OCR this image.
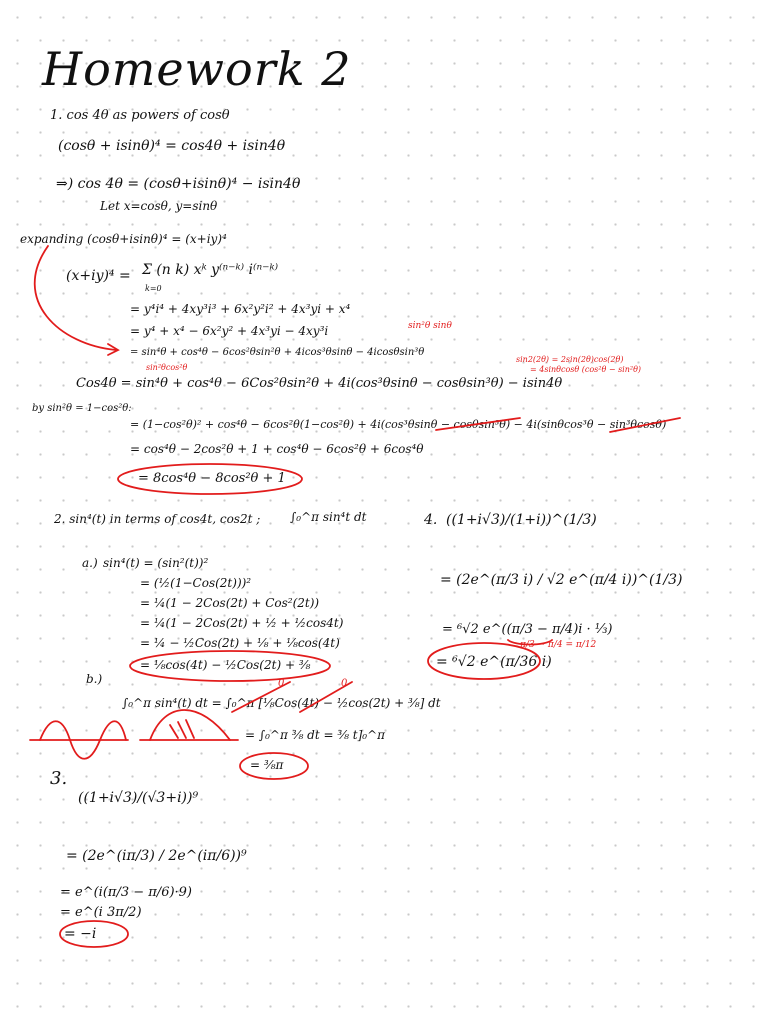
Homework 2
1. cos 4θ as powers of cosθ
(cosθ + isinθ)⁴ = cos4θ + isin4θ
⇒) cos 4θ = (cosθ+isinθ)⁴ − isin4θ
Let x=cosθ, y=sinθ
expanding (cosθ+isinθ)⁴ = (x+iy)⁴
(x+iy)⁴ = Σ (n k) xᵏ y⁽ⁿ⁻ᵏ⁾ i⁽ⁿ⁻ᵏ⁾
k=0
= y⁴i⁴ + 4xy³i³ + 6x²y²i² + 4x³yi + x⁴
= y⁴ + x⁴ − 6x²y² + 4x³yi − 4xy³i
= sin⁴θ + cos⁴θ − 6cos²θsin²θ + 4icos³θsinθ − 4icosθsin³θ
sin²θ sinθ
sin²θcos²θ
sin2(2θ) = 2sin(2θ)cos(2θ)
= 4sinθcosθ (cos²θ − sin²θ)
Cos4θ = sin⁴θ + cos⁴θ − 6Cos²θsin²θ + 4i(cos³θsinθ − cosθsin³θ) − isin4θ
by sin²θ = 1−cos²θ:
= (1−cos²θ)² + cos⁴θ − 6cos²θ(1−cos²θ) + 4i(cos³θsinθ − cosθsin³θ) − 4i(sinθcos³θ − sin³θcosθ)
= cos⁴θ − 2cos²θ + 1 + cos⁴θ − 6cos²θ + 6cos⁴θ
= 8cos⁴θ − 8cos²θ + 1
2. sin⁴(t) in terms of cos4t, cos2t ; ∫₀^π sin⁴t dt
a.) sin⁴(t) = (sin²(t))²
= (½(1−Cos(2t)))²
= ¼(1 − 2Cos(2t) + Cos²(2t))
= ¼(1 − 2Cos(2t) + ½ + ½cos4t)
= ¼ − ½Cos(2t) + ⅛ + ⅛cos(4t)
= ⅛cos(4t) − ½Cos(2t) + ⅜
b.)
∫₀^π sin⁴(t) dt = ∫₀^π [⅛Cos(4t) − ½cos(2t) + ⅜] dt
= ∫₀^π ⅜ dt = ⅜ t]₀^π
= ⅜π
0	0
3.
((1+i√3)/(√3+i))⁹
= (2e^(iπ/3) / 2e^(iπ/6))⁹
= e^(i(π/3 − π/6)·9)
= e^(i 3π/2)
= −i
4. ((1+i√3)/(1+i))^(1/3)
= (2e^(π/3 i) / √2 e^(π/4 i))^(1/3)
= ⁶√2 e^((π/3 − π/4)i · ⅓)
π/3 − π/4 = π/12
= ⁶√2 e^(π/36 i)
